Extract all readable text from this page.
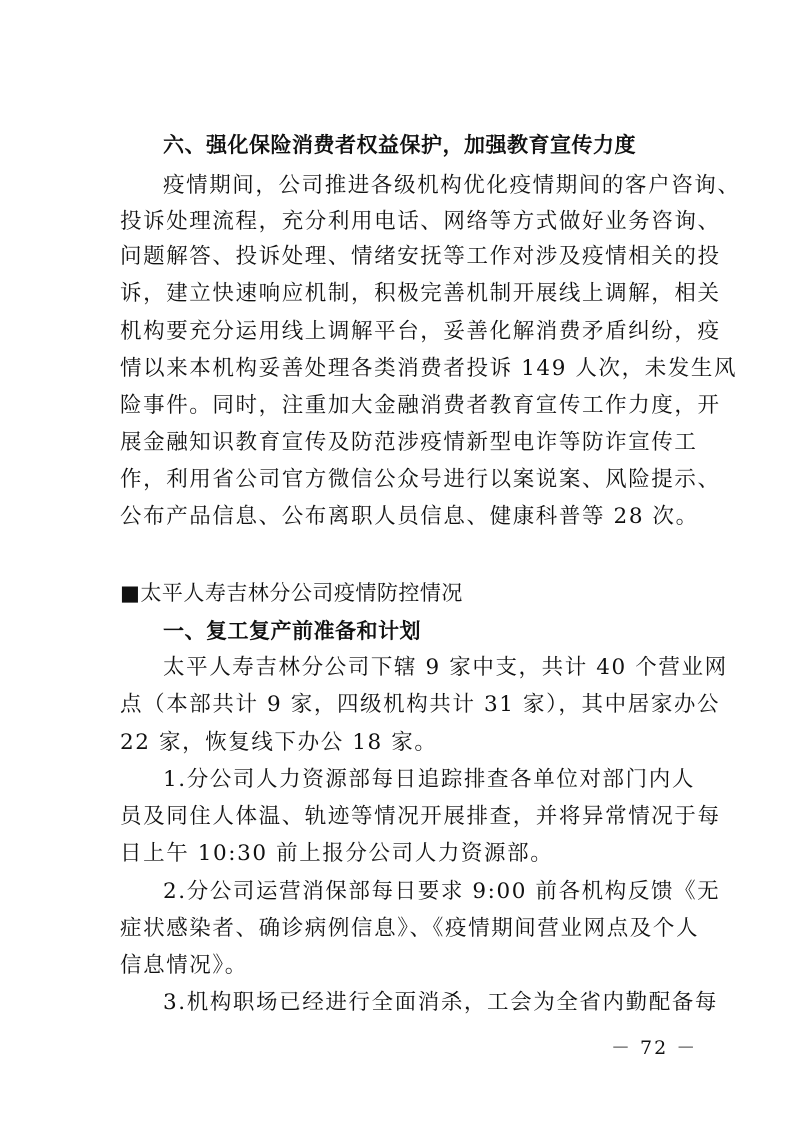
六、强化保险消费者权益保护，加强教育宣传力度
疫情期间，公司推进各级机构优化疫情期间的客户咨询、
投诉处理流程，充分利用电话、网络等方式做好业务咨询、
问题解答、投诉处理、情绪安抚等工作对涉及疫情相关的投
诉，建立快速响应机制，积极完善机制开展线上调解，相关
机构要充分运用线上调解平台，妥善化解消费矛盾纠纷，疫
情以来本机构妥善处理各类消费者投诉 149 人次，未发生风
险事件。同时，注重加大金融消费者教育宣传工作力度，开
展金融知识教育宣传及防范涉疫情新型电诈等防诈宣传工
作，利用省公司官方微信公众号进行以案说案、风险提示、
公布产品信息、公布离职人员信息、健康科普等 28 次。
■太平人寿吉林分公司疫情防控情况
一、复工复产前准备和计划
太平人寿吉林分公司下辖 9 家中支，共计 40 个营业网
点（本部共计 9 家，四级机构共计 31 家），其中居家办公
22 家，恢复线下办公 18 家。
1.分公司人力资源部每日追踪排查各单位对部门内人
员及同住人体温、轨迹等情况开展排查，并将异常情况于每
日上午 10:30 前上报分公司人力资源部。
2.分公司运营消保部每日要求 9:00 前各机构反馈《无
症状感染者、确诊病例信息》、《疫情期间营业网点及个人
信息情况》。
3.机构职场已经进行全面消杀，工会为全省内勤配备每
－ 72 －
